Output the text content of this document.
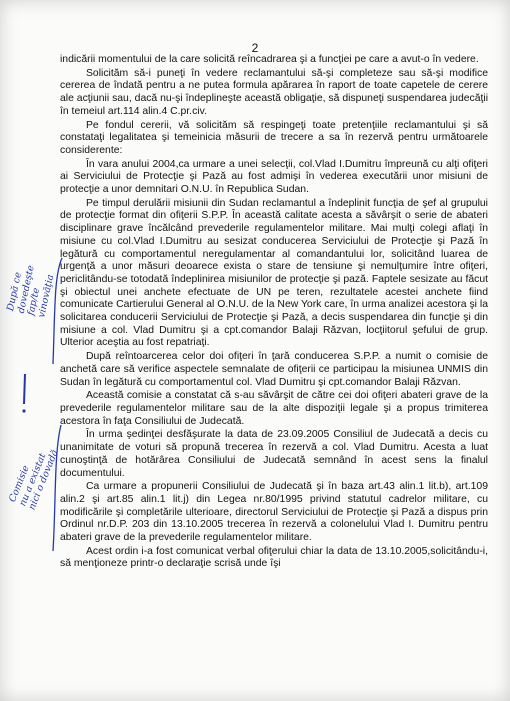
2

indicării momentului de la care solicită reîncadrarea şi a funcţiei pe care a avut-o în vedere.

Solicităm să-i puneţi în vedere reclamantului să-şi completeze sau să-şi modifice cererea de îndată pentru a ne putea formula apărarea în raport de toate capetele de cerere ale acţiunii sau, dacă nu-şi îndeplineşte această obligaţie, să dispuneţi suspendarea judecăţii în temeiul art.114 alin.4 C.pr.civ.

Pe fondul cererii, vă solicităm să respingeţi toate pretenţiile reclamantului şi să constataţi legalitatea şi temeinicia măsurii de trecere a sa în rezervă pentru următoarele considerente:

În vara anului 2004,ca urmare a unei selecţii, col.Vlad I.Dumitru împreună cu alţi ofiţeri ai Serviciului de Protecţie şi Pază au fost admişi în vederea executării unor misiuni de protecţie a unor demnitari O.N.U. în Republica Sudan.

Pe timpul derulării misiunii din Sudan reclamantul a îndeplinit funcţia de şef al grupului de protecţie format din ofiţerii S.P.P. În această calitate acesta a săvârşit o serie de abateri disciplinare grave încălcând prevederile regulamentelor militare. Mai mulţi colegi aflaţi în misiune cu col.Vlad I.Dumitru au sesizat conducerea Serviciului de Protecţie şi Pază în legătură cu comportamentul neregulamentar al comandantului lor, solicitând luarea de urgenţă a unor măsuri deoarece exista o stare de tensiune şi nemulţumire între ofiţeri, periclitându-se totodată îndeplinirea misiunilor de protecţie şi pază. Faptele sesizate au făcut şi obiectul unei anchete efectuate de UN pe teren, rezultatele acestei anchete fiind comunicate Cartierului General al O.N.U. de la New York care, în urma analizei acestora şi la solicitarea conducerii Serviciului de Protecţie şi Pază, a decis suspendarea din funcţie şi din misiune a col. Vlad Dumitru şi a cpt.comandor Balaji Răzvan, locţiitorul şefului de grup. Ulterior aceştia au fost repatriaţi.

După reîntoarcerea celor doi ofiţeri în ţară conducerea S.P.P. a numit o comisie de anchetă care să verifice aspectele semnalate de ofiţerii ce participau la misiunea UNMIS din Sudan în legătură cu comportamentul col. Vlad Dumitru şi cpt.comandor Balaji Răzvan.

Această comisie a constatat că s-au săvârşit de către cei doi ofiţeri abateri grave de la prevederile regulamentelor militare sau de la alte dispoziţii legale şi a propus trimiterea acestora în faţa Consiliului de Judecată.

În urma şedinţei desfăşurate la data de 23.09.2005 Consiliul de Judecată a decis cu unanimitate de voturi să propună trecerea în rezervă a col. Vlad Dumitru. Acesta a luat cunoştinţă de hotărârea Consiliului de Judecată semnând în acest sens la finalul documentului.

Ca urmare a propunerii Consiliului de Judecată şi în baza art.43 alin.1 lit.b), art.109 alin.2 şi art.85 alin.1 lit.j) din Legea nr.80/1995 privind statutul cadrelor militare, cu modificările şi completările ulterioare, directorul Serviciului de Protecţie şi Pază a dispus prin Ordinul nr.D.P. 203 din 13.10.2005 trecerea în rezervă a colonelului Vlad I. Dumitru pentru abateri grave de la prevederile regulamentelor militare.

Acest ordin i-a fost comunicat verbal ofiţerului chiar la data de 13.10.2005,solicitându-i, să menţioneze printr-o declaraţie scrisă unde îşi

După ce
dovedeşte
fap/te
vinovăţia
Comisie
nu a existat
nici o dovadă
